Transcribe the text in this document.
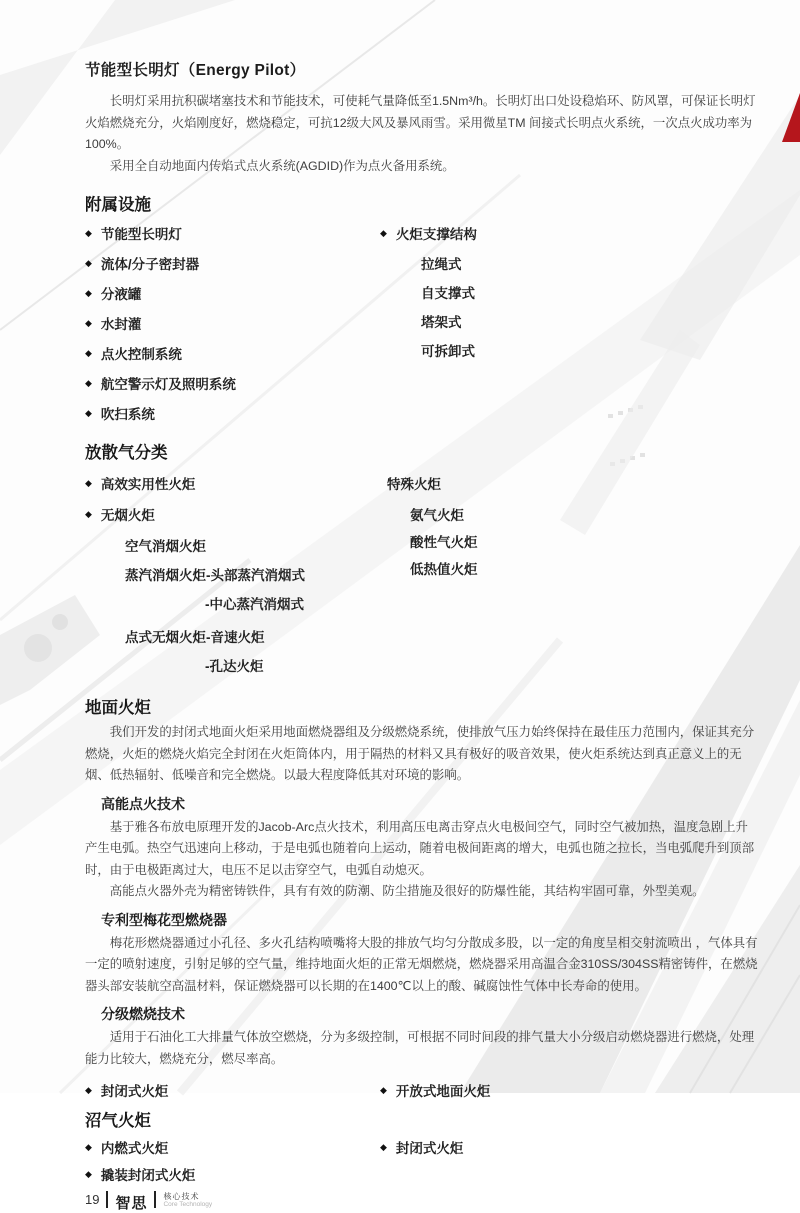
节能型长明灯（Energy Pilot）

长明灯采用抗积碳堵塞技术和节能技术，可使耗气量降低至1.5Nm³/h。长明灯出口处设稳焰环、防风罩，可保证长明灯火焰燃烧充分，火焰刚度好，燃烧稳定，可抗12级大风及暴风雨雪。采用微星TM 间接式长明点火系统，一次点火成功率为100%。

采用全自动地面内传焰式点火系统(AGDID)作为点火备用系统。

附属设施
◆ 节能型长明灯
◆ 流体/分子密封器
◆ 分液罐
◆ 水封灌
◆ 点火控制系统
◆ 航空警示灯及照明系统
◆ 吹扫系统
◆ 火炬支撑结构
拉绳式
自支撑式
塔架式
可拆卸式
放散气分类
◆ 高效实用性火炬
◆ 无烟火炬
空气消烟火炬
蒸汽消烟火炬-头部蒸汽消烟式
-中心蒸汽消烟式
点式无烟火炬-音速火炬
-孔达火炬
特殊火炬
氨气火炬
酸性气火炬
低热值火炬
地面火炬

我们开发的封闭式地面火炬采用地面燃烧器组及分级燃烧系统，使排放气压力始终保持在最佳压力范围内，保证其充分燃烧，火炬的燃烧火焰完全封闭在火炬筒体内，用于隔热的材料又具有极好的吸音效果，使火炬系统达到真正意义上的无烟、低热辐射、低噪音和完全燃烧。以最大程度降低其对环境的影响。

高能点火技术

基于雅各布放电原理开发的Jacob-Arc点火技术，利用高压电离击穿点火电极间空气，同时空气被加热，温度急剧上升产生电弧。热空气迅速向上移动，于是电弧也随着向上运动，随着电极间距离的增大，电弧也随之拉长，当电弧爬升到顶部时，由于电极距离过大，电压不足以击穿空气，电弧自动熄灭。

高能点火器外壳为精密铸铁件，具有有效的防潮、防尘措施及很好的防爆性能，其结构牢固可靠，外型美观。

专利型梅花型燃烧器

梅花形燃烧器通过小孔径、多火孔结构喷嘴将大股的排放气均匀分散成多股，以一定的角度呈相交射流喷出 ，气体具有一定的喷射速度，引射足够的空气量，维持地面火炬的正常无烟燃烧，燃烧器采用高温合金310SS/304SS精密铸件，在燃烧器头部安装航空高温材料，保证燃烧器可以长期的在1400℃以上的酸、碱腐蚀性气体中长寿命的使用。

分级燃烧技术

适用于石油化工大排量气体放空燃烧，分为多级控制，可根据不同时间段的排气量大小分级启动燃烧器进行燃烧，处理能力比较大，燃烧充分，燃尽率高。

◆ 封闭式火炬	◆ 开放式地面火炬
沼气火炬
◆ 内燃式火炬	◆ 封闭式火炬
◆ 撬装封闭式火炬
19 智思 核心技术
Core Technology
